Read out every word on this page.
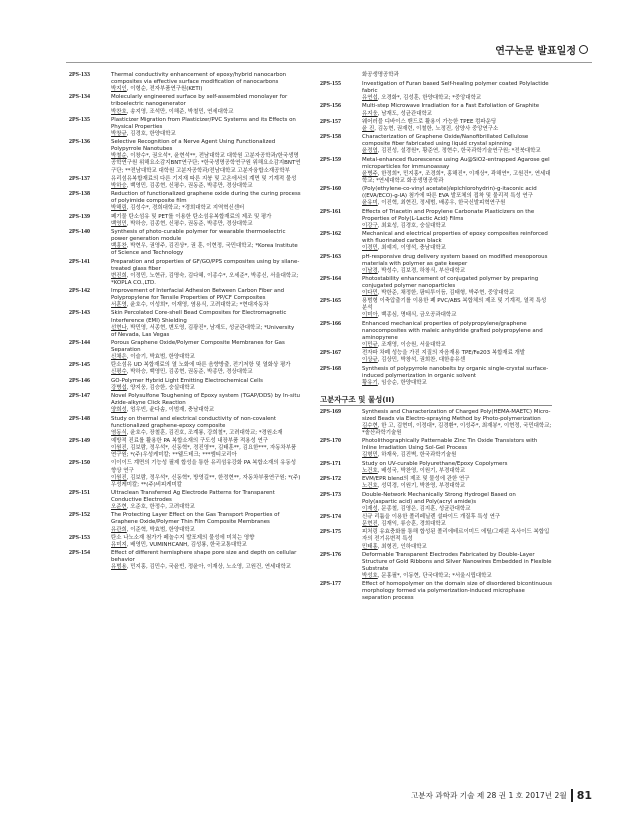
연구논문 발표일정
2PS-133	Thermal conductivity enhancement of epoxy/hybrid nanocarbon composites via effective surface modification of nanocarbons
박지인, 이형순, 전자부품연구원(KETI)
2PS-134	Molecularly engineered surface by self-assembled monolayer for triboelectric nanogenerator
박찬호, 송지영, 조석만, 이해준, 박철민, 연세대학교
2PS-135	Plasticizer Migration from Plasticizer/PVC Systems and its Effects on Physical Properties
박창규, 김경호, 한양대학교
2PS-136	Selective Recognition of a Nerve Agent Using Functionalized Polypyrrole Nanotubes
박철순, 이창수*, 권오석*, 윤현석**, 전남대학교 대학원 고분자공학과/한국생명공학연구원 위해요소감지BNT연구단; *한국생명공학연구원 위해요소감지BNT연구단; **전남대학교 대학원 고분자공학과/전남대학교 고분자융합소재공학부
2PS-137	유리섬유복합재료의 다른 기지재 따른 지붕 및 고온에서의 계면 및 기계적 물성
박하승, 백영민, 김종현, 신평수, 권동준, 박종만, 경상대학교
2PS-138	Reduction of functionalized graphene oxide during the curing process of polyimide composite film
박해림, 김성수*, 경희대학교; *경희대학교 지역혁신센터
2PS-139	폐기물 탄소섬유 및 PET를 이용한 탄소섬유복합재료의 제조 및 평가
백영민, 박하승, 김종현, 신평수, 권동준, 박종만, 경상대학교
2PS-140	Synthesis of photo-curable polymer for wearable thermoelectric power generation module
백흥찬, 박현우, 권영주, 김진상*, 권 훈, 이현정, 국민대학교; *Korea Institute of Science and Technology
2PS-141	Preparation and properties of GF/GO/PPS composites using by silane-treated glass fiber
변진희, 이정민, 노현규, 김명숙, 김다혜, 이종수*, 오세준*, 박종신, 서울대학교; *KOPLA CO.,LTD.
2PS-142	Improvement of Interfacial Adhesion Between Carbon Fiber and Polypropylene for Tensile Properties of PP/CF Composites
서훈영, 윤호수, 이성희*, 이재영, 염용식, 고려대학교; *현대자동차
2PS-143	Skin Percolated Core-shell Bead Composites for Electromagnetic Interference (EMI) Shielding
선현나, 박민영, 서종현, 변도영, 김광진*, 남재도, 성균관대학교; *University of Nevada, Las Vegas
2PS-144	Porous Graphene Oxide/Polymer Composite Membranes for Gas Separation
신채은, 이슬기, 박효범, 한양대학교
2PS-145	탄소섬유 UD 복합재료의 열 노화에 따른 음향방출, 전기저항 및 열화상 평가
신평수, 박하승, 백영민, 김종현, 권동준, 박종만, 경상대학교
2PS-146	GO-Polymer Hybrid Light Emitting Electrochemical Cells
강병섭, 양지웅, 김승한, 숭실대학교
2PS-147	Novel Polysulfone Toughening of Epoxy system (TGAP/DDS) by In-situ Azide-alkyne Click Reaction
양희성, 엄우빈, 윤다솜, 이범재, 충남대학교
2PS-148	Study on thermal and electrical conductivity of non-covalent functionalized graphene-epoxy composite
염동식, 윤호수, 장철훈, 김진호, 조계룡, 강희철*, 고려대학교; *경원소재
2PS-149	예방적 진료를 활용한 PA 복합소재의 구도성 내장부품 적용성 연구
이원진, 김보람, 정우석*, 신동혁*, 정진영**, 김태훈**, 김요한***, 자동차부품연구원; *(주)우성케미칼; **웰드테크; ***엠티코리아
2PS-150	이이이드 계면의 기능성 필제 합성을 통한 유리섬유강화 PA 복합소재의 유동성 향상 연구
이원진, 김보람, 정우석*, 신동혁*, 방영길**, 한정현**, 자동차부품연구원; *(주)우성케미칼; **(주)비피케미칼
2PS-151	Ultraclean Transferred Ag Electrode Patterns for Transparent Conductive Electrodes
오준현, 오준호, 한정수, 고려대학교
2PS-152	The Protecting Layer Effect on the Gas Transport Properties of Graphene Oxide/Polymer Thin Film Composite Membranes
유관희, 이준혁, 박효범, 한양대학교
2PS-153	탄소 나노소재 첨가가 페놀수지 발포제의 물성에 미치는 영향
유미지, 배영민, VUMINHCANH, 김성룡, 한국교통대학교
2PS-154	Effect of different hemisphere shape pore size and depth on cellular behavior
유범용, 민지홍, 김민수, 국윤빈, 정윤아, 이재상, 노소영, 고원건, 연세대학교
화공생명공학과
2PS-155	Investigation of Furan based Self-healing polymer coated Polylactide fabric
유연섭, 오경화*, 김성훈, 한양대학교; *중앙대학교
2PS-156	Multi-step Microwave Irradiation for a Fast Exfoliation of Graphite
유지웅, 남재도, 성균관대학교
2PS-157	웨어러블 디바이스 밴드로 활용이 가능한 TPEE 컴파운딩
윤 진, 김농현, 권재련, 이철한, 노정진, 삼양사 중앙연구소
2PS-158	Characterization of Graphene Oxide/Nanofibrillated Cellulose composite fiber fabricated using liquid crystal spinning
윤정엽, 김진성, 설경원*, 황준연, 정현수, 한국과학기술연구원; *전북대학교
2PS-159	Metal-enhanced fluorescence using Au@SiO2-entrapped Agarose gel microparticles for immunoassay
윤병주, 한정희*, 민지홍*, 조경희*, 홍해진*, 이재상*, 곽해연*, 고원건*, 연세대학교; *연세대학교 화공생명공학과
2PS-160	(Poly(ethylene-co-vinyl acetate)/epichlorohydrin)-g-itaconic acid ((EVA/ECO)-g-IA) 첨가에 따른 EVA 발포체의 접착 및 물리적 특성 연구
윤유미, 이진혁, 최현진, 정세범, 배종우, 한국신발피혁연구원
2PS-161	Effects of Triacetin and Propylene Carbonate Plasticizers on the Properties of Poly(L-Lactic Acid) Films
이강구, 최효성, 김경호, 숭실대학교
2PS-162	Mechanical and electrical properties of epoxy composites reinforced with fluorinated carbon black
이경민, 최예지, 이영석, 충남대학교
2PS-163	pH-responsive drug delivery system based on modified mesoporous materials with polymer as gate keeper
이남경, 박성수, 김보경, 하창식, 부산대학교
2PS-164	Photostability enhancement of conjugated polymer by preparing conjugated polymer nanoparticles
이다민, 박한준, 채정한, 팜티투이듬, 김태형, 박주현, 중앙대학교
2PS-165	용범형 이축압출기를 이용한 폐 PVC/ABS 복합체의 제조 및 기계적, 열적 특성 분석
이미아, 백종심, 명태식, 금오공과대학교
2PS-166	Enhanced mechanical properties of polypropylene/graphene nanocomposites with maleic anhydride grafted polypropylene and aminopyrene
이민규, 조재영, 이승원, 서울대학교
2PS-167	전자파 차폐 성능을 가진 지질의 자음재용 TPE/Fe203 복합재료 개발
이상규, 김상민, 박창석, 권희찬, 대한송유센
2PS-168	Synthesis of polypyrrole nanobelts by organic single-crystal surface-induced polymerization in organic solvent
황유기, 임승순, 한양대학교
고분자구조 및 물성(II)
2PS-169	Synthesis and Characterization of Charged Poly(HEMA-MAETC) Micro-sized Beads via Electro-spraying Method by Photo-polymerization
김수현, 한 고, 김현미, 이정대*, 김경환*, 이성주*, 최재봉*, 이현정, 국민대학교; *솔산과학기술원
2PS-170	Photolithographically Patternable Zinc Tin Oxide Transistors with Inline Irradiation Using Sol-Gel Process
김형민, 하재욱, 김진벽, 한국과학기술원
2PS-171	Study on UV-curable Polyurethane/Epoxy Copolymers
노건호, 배성국, 박찬영, 이원기, 부경대학교
2PS-172	EVM/EPR blend의 제조 및 물성에 관한 연구
노건호, 성덕경, 이원기, 박찬영, 부경대학교
2PS-173	Double-Network Mechanically Strong Hydrogel Based on Poly(aspartic acid) and Poly(acryl amide)s
이재성, 문종철, 김영은, 김지훈, 성균관대학교
2PS-174	신규 리튬을 이용한 폴리페닐렌 설파이드 개질후 특성 연구
문현진, 김재익, 류승훈, 경희대학교
2PS-175	피처링 유효충화를 통해 합성된 폴리에테르이미드 에틸/그래핀 옥사이드 복합입자의 전기유변적 특성
민태홍, 최형진, 인하대학교
2PS-176	Deformable Transparent Electrodes Fabricated by Double-Layer Structure of Gold Ribbons and Silver Nanowires Embedded in Flexible Substrate
박성호, 문홍필*, 이동현, 단국대학교; *서울시립대학교
2PS-177	Effect of homopolymer on the domain size of disordered bicontinuous morphology formed via polymerization-induced microphase separation process
고분자 과학과 기술 제 28 권 1 호 2017년 2월 81
